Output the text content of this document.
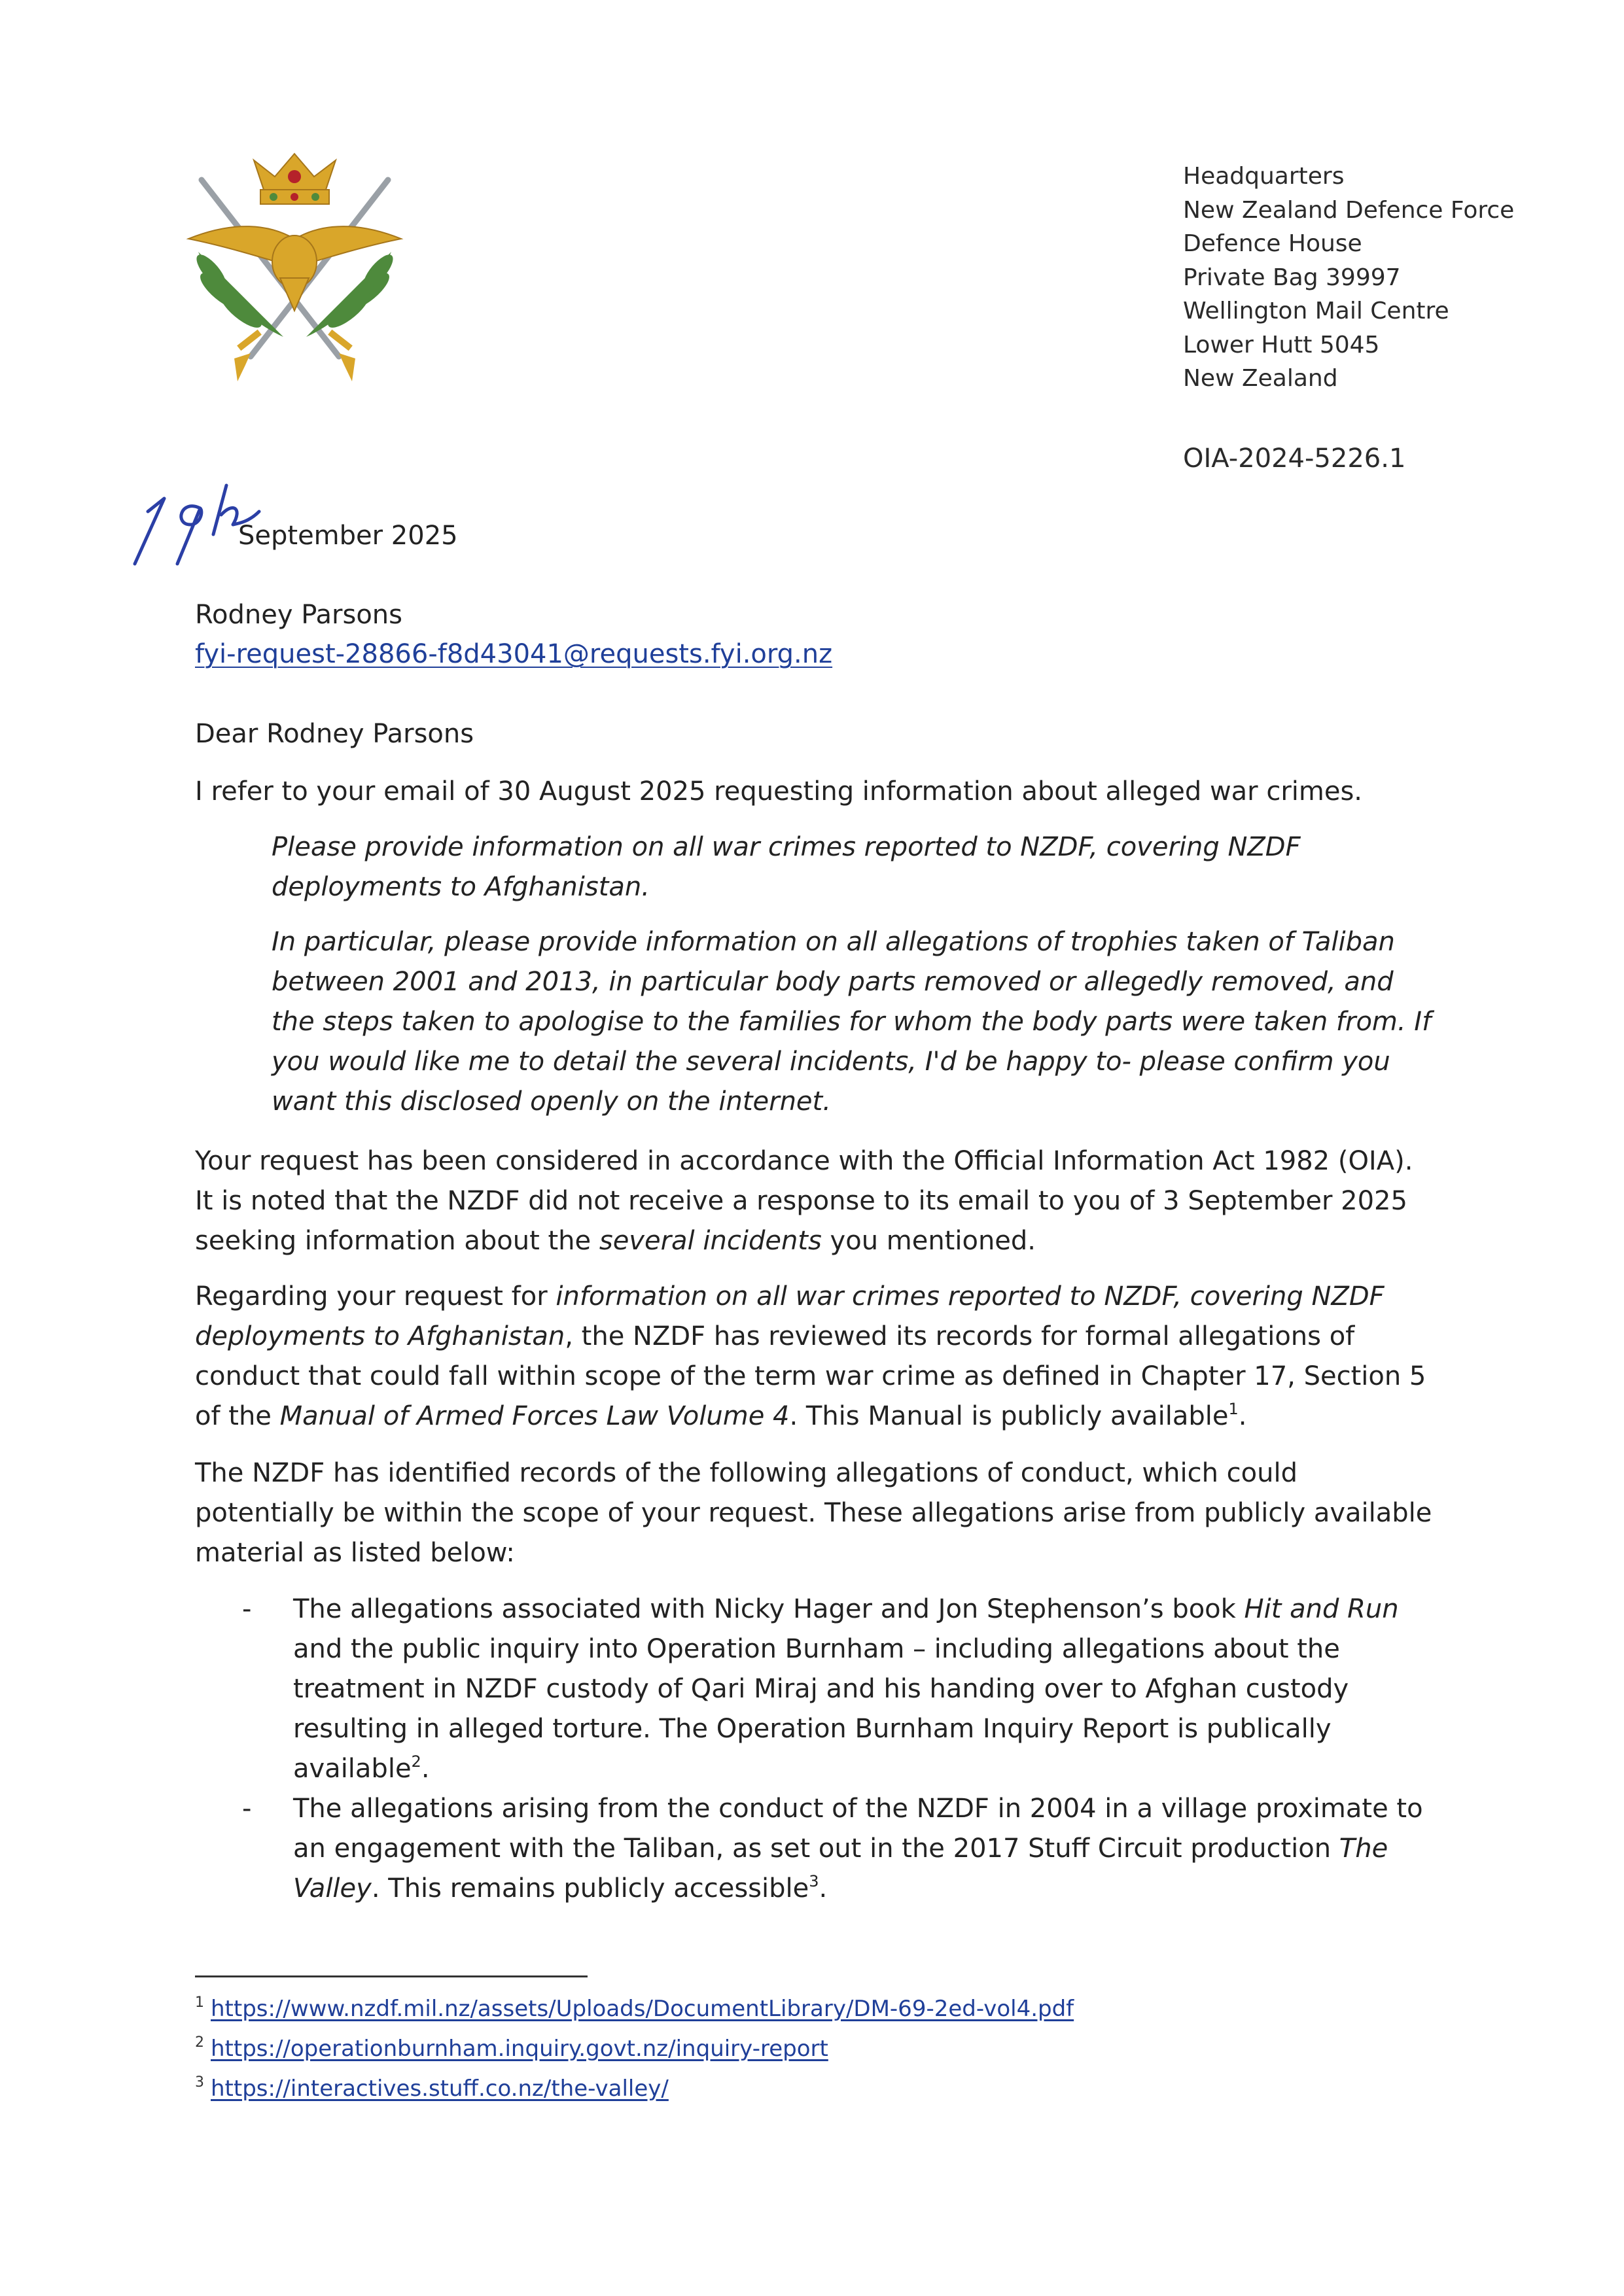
Headquarters
New Zealand Defence Force
Defence House
Private Bag 39997
Wellington Mail Centre
Lower Hutt 5045
New Zealand
OIA-2024-5226.1
September 2025
Rodney Parsons
fyi-request-28866-f8d43041@requests.fyi.org.nz
Dear Rodney Parsons
I refer to your email of 30 August 2025 requesting information about alleged war crimes.

Please provide information on all war crimes reported to NZDF, covering NZDF deployments to Afghanistan.

In particular, please provide information on all allegations of trophies taken of Taliban between 2001 and 2013, in particular body parts removed or allegedly removed, and the steps taken to apologise to the families for whom the body parts were taken from. If you would like me to detail the several incidents, I'd be happy to- please confirm you want this disclosed openly on the internet.

Your request has been considered in accordance with the Official Information Act 1982 (OIA). It is noted that the NZDF did not receive a response to its email to you of 3 September 2025 seeking information about the several incidents you mentioned.

Regarding your request for information on all war crimes reported to NZDF, covering NZDF deployments to Afghanistan, the NZDF has reviewed its records for formal allegations of conduct that could fall within scope of the term war crime as defined in Chapter 17, Section 5 of the Manual of Armed Forces Law Volume 4. This Manual is publicly available$^1$.

The NZDF has identified records of the following allegations of conduct, which could potentially be within the scope of your request. These allegations arise from publicly available material as listed below:

- The allegations associated with Nicky Hager and Jon Stephenson’s book Hit and Run and the public inquiry into Operation Burnham – including allegations about the treatment in NZDF custody of Qari Miraj and his handing over to Afghan custody resulting in alleged torture. The Operation Burnham Inquiry Report is publically available$^2$.
- The allegations arising from the conduct of the NZDF in 2004 in a village proximate to an engagement with the Taliban, as set out in the 2017 Stuff Circuit production The Valley. This remains publicly accessible$^3$.
$^1$ https://www.nzdf.mil.nz/assets/Uploads/DocumentLibrary/DM-69-2ed-vol4.pdf
$^2$ https://operationburnham.inquiry.govt.nz/inquiry-report
$^3$ https://interactives.stuff.co.nz/the-valley/
